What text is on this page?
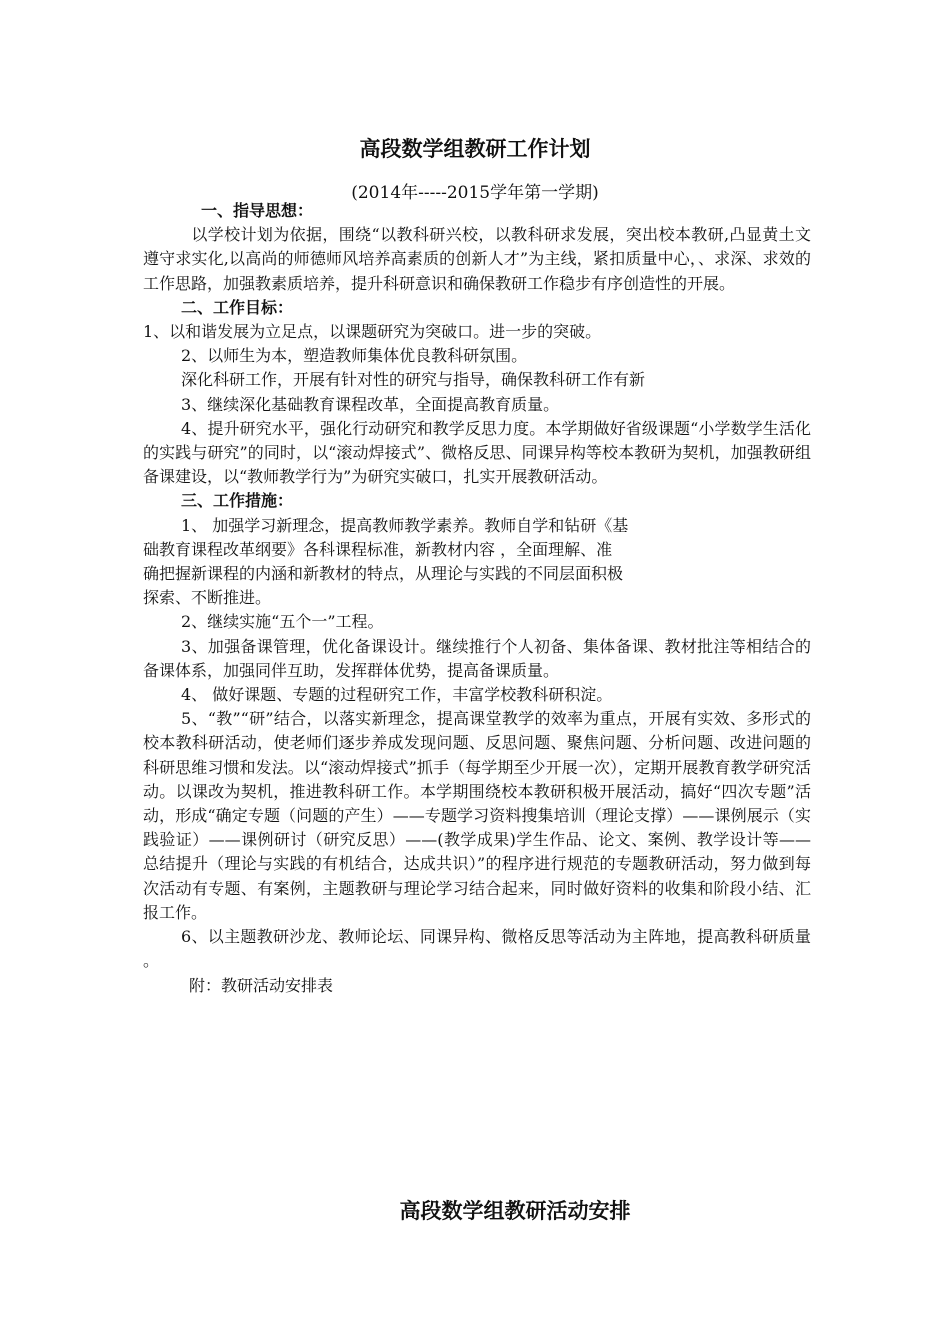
高段数学组教研工作计划
(2014年-----2015学年第一学期)

一、指导思想：

以学校计划为依据，围绕“以教科研兴校，以教科研求发展，突出校本教研,凸显黄土文遵守求实化,以高尚的师德师风培养高素质的创新人才”为主线，紧扣质量中心，、求深、求效的工作思路，加强教素质培养，提升科研意识和确保教研工作稳步有序创造性的开展。

二、工作目标：

1、以和谐发展为立足点，以课题研究为突破口。进一步的突破。

2、以师生为本，塑造教师集体优良教科研氛围。

深化科研工作，开展有针对性的研究与指导，确保教科研工作有新

3、继续深化基础教育课程改革，全面提高教育质量。

4、提升研究水平，强化行动研究和教学反思力度。本学期做好省级课题“小学数学生活化的实践与研究”的同时，以“滚动焊接式”、微格反思、同课异构等校本教研为契机，加强教研组备课建设，以“教师教学行为”为研究实破口，扎实开展教研活动。

三、工作措施：

1、 加强学习新理念，提高教师教学素养。教师自学和钻研《基

础教育课程改革纲要》各科课程标准，新教材内容 ，全面理解、准

确把握新课程的内涵和新教材的特点，从理论与实践的不同层面积极

探索、不断推进。

2、继续实施“五个一”工程。

3、加强备课管理，优化备课设计。继续推行个人初备、集体备课、教材批注等相结合的备课体系，加强同伴互助，发挥群体优势，提高备课质量。

4、 做好课题、专题的过程研究工作，丰富学校教科研积淀。

5、“教”“研”结合，以落实新理念，提高课堂教学的效率为重点，开展有实效、多形式的校本教科研活动，使老师们逐步养成发现问题、反思问题、聚焦问题、分析问题、改进问题的科研思维习惯和发法。以“滚动焊接式”抓手（每学期至少开展一次），定期开展教育教学研究活动。以课改为契机，推进教科研工作。本学期围绕校本教研积极开展活动，搞好“四次专题”活动，形成“确定专题（问题的产生）——专题学习资料搜集培训（理论支撑）——课例展示（实践验证）——课例研讨（研究反思）——(教学成果)学生作品、论文、案例、教学设计等——总结提升（理论与实践的有机结合，达成共识）”的程序进行规范的专题教研活动，努力做到每次活动有专题、有案例，主题教研与理论学习结合起来，同时做好资料的收集和阶段小结、汇报工作。

6、以主题教研沙龙、教师论坛、同课异构、微格反思等活动为主阵地，提高教科研质量 。

附：教研活动安排表

高段数学组教研活动安排
